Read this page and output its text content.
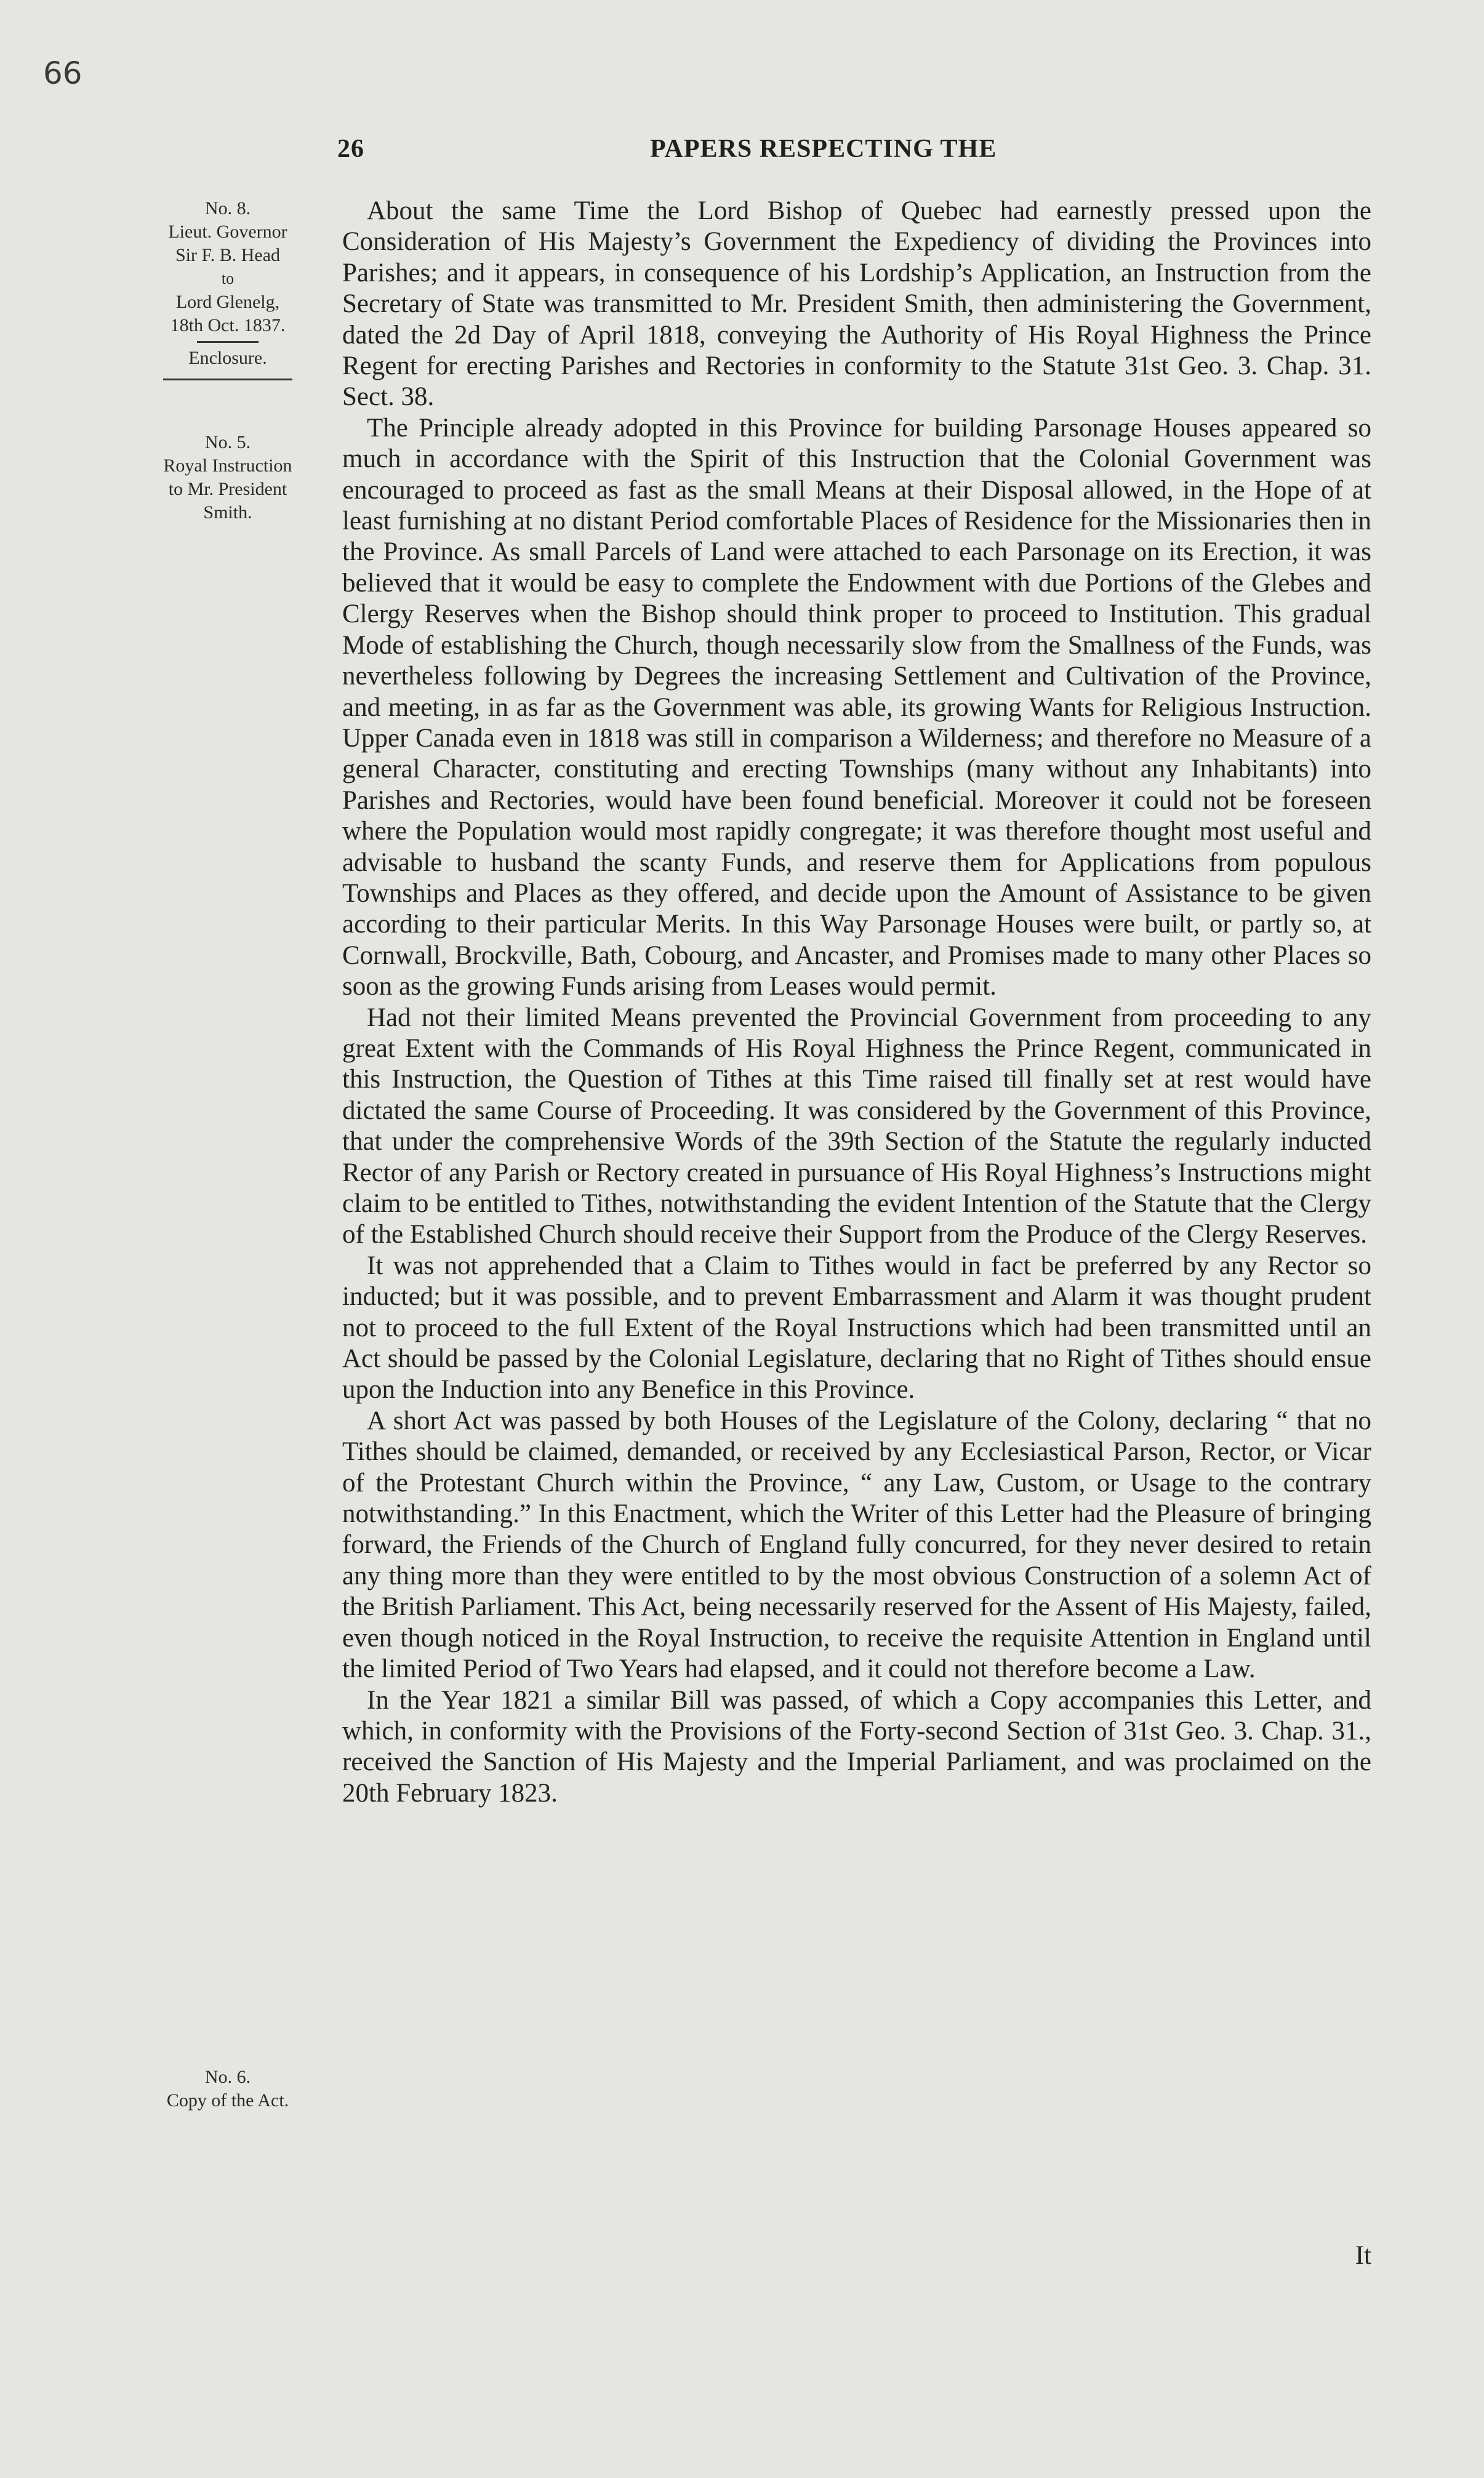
66
26	PAPERS RESPECTING THE
No. 8.
Lieut. Governor
Sir F. B. Head
to
Lord Glenelg,
18th Oct. 1837.
Enclosure.
No. 5.
Royal Instruction
to Mr. President
Smith.
No. 6.
Copy of the Act.

About the same Time the Lord Bishop of Quebec had earnestly pressed upon the Consideration of His Majesty’s Government the Expediency of dividing the Provinces into Parishes; and it appears, in consequence of his Lordship’s Application, an Instruction from the Secretary of State was transmitted to Mr. President Smith, then administering the Government, dated the 2d Day of April 1818, conveying the Authority of His Royal Highness the Prince Regent for erecting Parishes and Rectories in conformity to the Statute 31st Geo. 3. Chap. 31. Sect. 38.

The Principle already adopted in this Province for building Parsonage Houses appeared so much in accordance with the Spirit of this Instruction that the Colonial Government was encouraged to proceed as fast as the small Means at their Disposal allowed, in the Hope of at least furnishing at no distant Period comfortable Places of Residence for the Missionaries then in the Province. As small Parcels of Land were attached to each Parsonage on its Erection, it was believed that it would be easy to complete the Endowment with due Portions of the Glebes and Clergy Reserves when the Bishop should think proper to proceed to Institution. This gradual Mode of establishing the Church, though necessarily slow from the Smallness of the Funds, was nevertheless following by Degrees the increasing Settlement and Cultivation of the Province, and meeting, in as far as the Government was able, its growing Wants for Religious Instruction. Upper Canada even in 1818 was still in comparison a Wilderness; and therefore no Measure of a general Character, constituting and erecting Townships (many without any Inhabitants) into Parishes and Rectories, would have been found beneficial. Moreover it could not be foreseen where the Population would most rapidly congregate; it was therefore thought most useful and advisable to husband the scanty Funds, and reserve them for Applications from populous Townships and Places as they offered, and decide upon the Amount of Assistance to be given according to their particular Merits. In this Way Parsonage Houses were built, or partly so, at Cornwall, Brockville, Bath, Cobourg, and Ancaster, and Promises made to many other Places so soon as the growing Funds arising from Leases would permit.

Had not their limited Means prevented the Provincial Government from proceeding to any great Extent with the Commands of His Royal Highness the Prince Regent, communicated in this Instruction, the Question of Tithes at this Time raised till finally set at rest would have dictated the same Course of Proceeding. It was considered by the Government of this Province, that under the comprehensive Words of the 39th Section of the Statute the regularly inducted Rector of any Parish or Rectory created in pursuance of His Royal Highness’s Instructions might claim to be entitled to Tithes, notwithstanding the evident Intention of the Statute that the Clergy of the Established Church should receive their Support from the Produce of the Clergy Reserves.

It was not apprehended that a Claim to Tithes would in fact be preferred by any Rector so inducted; but it was possible, and to prevent Embarrassment and Alarm it was thought prudent not to proceed to the full Extent of the Royal Instructions which had been transmitted until an Act should be passed by the Colonial Legislature, declaring that no Right of Tithes should ensue upon the Induction into any Benefice in this Province.

A short Act was passed by both Houses of the Legislature of the Colony, declaring “ that no Tithes should be claimed, demanded, or received by any Ecclesiastical Parson, Rector, or Vicar of the Protestant Church within the Province, “ any Law, Custom, or Usage to the contrary notwithstanding.” In this Enactment, which the Writer of this Letter had the Pleasure of bringing forward, the Friends of the Church of England fully concurred, for they never desired to retain any thing more than they were entitled to by the most obvious Construction of a solemn Act of the British Parliament. This Act, being necessarily reserved for the Assent of His Majesty, failed, even though noticed in the Royal Instruction, to receive the requisite Attention in England until the limited Period of Two Years had elapsed, and it could not therefore become a Law.

In the Year 1821 a similar Bill was passed, of which a Copy accompanies this Letter, and which, in conformity with the Provisions of the Forty-second Section of 31st Geo. 3. Chap. 31., received the Sanction of His Majesty and the Imperial Parliament, and was proclaimed on the 20th February 1823.

It
